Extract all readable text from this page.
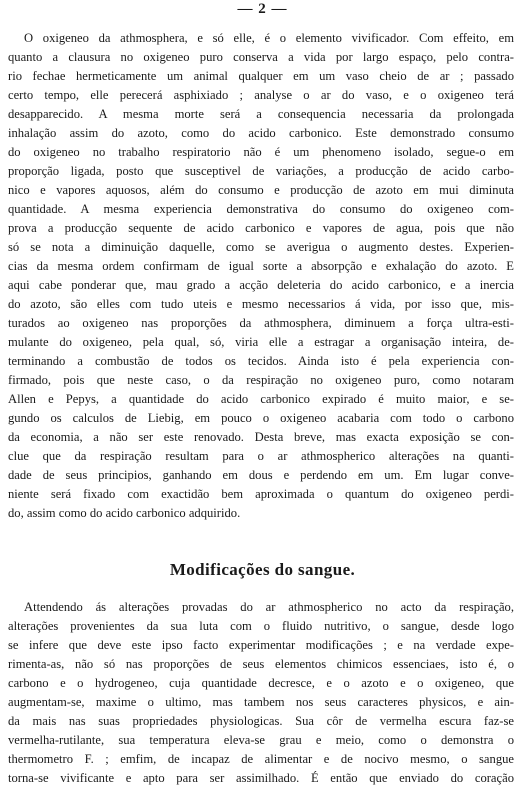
— 2 —
O oxigeneo da athmosphera, e só elle, é o elemento vivificador. Com effeito, em
quanto a clausura no oxigeneo puro conserva a vida por largo espaço, pelo contra-
rio fechae hermeticamente um animal qualquer em um vaso cheio de ar ; passado
certo tempo, elle perecerá asphixiado ; analyse o ar do vaso, e o oxigeneo terá
desapparecido. A mesma morte será a consequencia necessaria da prolongada
inhalação assim do azoto, como do acido carbonico. Este demonstrado consumo
do oxigeneo no trabalho respiratorio não é um phenomeno isolado, segue-o em
proporção ligada, posto que susceptivel de variações, a producção de acido carbo-
nico e vapores aquosos, além do consumo e producção de azoto em mui diminuta
quantidade. A mesma experiencia demonstrativa do consumo do oxigeneo com-
prova a producção sequente de acido carbonico e vapores de agua, pois que não
só se nota a diminuição daquelle, como se averigua o augmento destes. Experien-
cias da mesma ordem confirmam de igual sorte a absorpção e exhalação do azoto. E
aqui cabe ponderar que, mau grado a acção deleteria do acido carbonico, e a inercia
do azoto, são elles com tudo uteis e mesmo necessarios á vida, por isso que, mis-
turados ao oxigeneo nas proporções da athmosphera, diminuem a força ultra-esti-
mulante do oxigeneo, pela qual, só, viria elle a estragar a organisação inteira, de-
terminando a combustão de todos os tecidos. Ainda isto é pela experiencia con-
firmado, pois que neste caso, o da respiração no oxigeneo puro, como notaram
Allen e Pepys, a quantidade do acido carbonico expirado é muito maior, e se-
gundo os calculos de Liebig, em pouco o oxigeneo acabaria com todo o carbono
da economia, a não ser este renovado. Desta breve, mas exacta exposição se con-
clue que da respiração resultam para o ar athmospherico alterações na quanti-
dade de seus principios, ganhando em dous e perdendo em um. Em lugar conve-
niente será fixado com exactidão bem aproximada o quantum do oxigeneo perdi-
do, assim como do acido carbonico adquirido.
Modificações do sangue.
Attendendo ás alterações provadas do ar athmospherico no acto da respiração,
alterações provenientes da sua luta com o fluido nutritivo, o sangue, desde logo
se infere que deve este ipso facto experimentar modificações ; e na verdade expe-
rimenta-as, não só nas proporções de seus elementos chimicos essenciaes, isto é, o
carbono e o hydrogeneo, cuja quantidade decresce, e o azoto e o oxigeneo, que
augmentam-se, maxime o ultimo, mas tambem nos seus caracteres physicos, e ain-
da mais nas suas propriedades physiologicas. Sua côr de vermelha escura faz-se
vermelha-rutilante, sua temperatura eleva-se grau e meio, como o demonstra o
thermometro F. ; emfim, de incapaz de alimentar e de nocivo mesmo, o sangue
torna-se vivificante e apto para ser assimilhado. É então que enviado do coração
